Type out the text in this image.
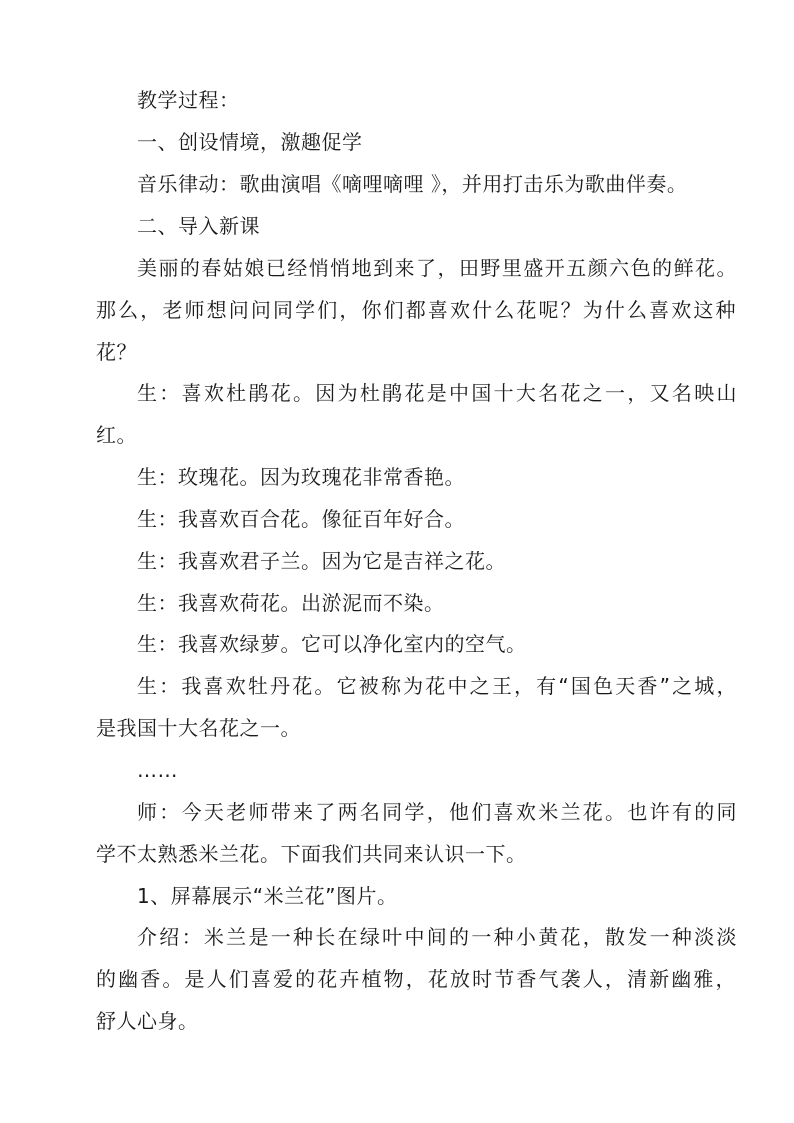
教学过程：
一、创设情境，激趣促学
音乐律动：歌曲演唱《嘀哩嘀哩 》，并用打击乐为歌曲伴奏。
二、导入新课
美丽的春姑娘已经悄悄地到来了，田野里盛开五颜六色的鲜花。
那么，老师想问问同学们，你们都喜欢什么花呢？为什么喜欢这种
花？
生：喜欢杜鹃花。因为杜鹃花是中国十大名花之一，又名映山
红。
生：玫瑰花。因为玫瑰花非常香艳。
生：我喜欢百合花。像征百年好合。
生：我喜欢君子兰。因为它是吉祥之花。
生：我喜欢荷花。出淤泥而不染。
生：我喜欢绿萝。它可以净化室内的空气。
生：我喜欢牡丹花。它被称为花中之王，有“国色天香”之城，
是我国十大名花之一。
……
师：今天老师带来了两名同学，他们喜欢米兰花。也许有的同
学不太熟悉米兰花。下面我们共同来认识一下。
1、屏幕展示“米兰花”图片。
介绍：米兰是一种长在绿叶中间的一种小黄花，散发一种淡淡
的幽香。是人们喜爱的花卉植物，花放时节香气袭人，清新幽雅，
舒人心身。
